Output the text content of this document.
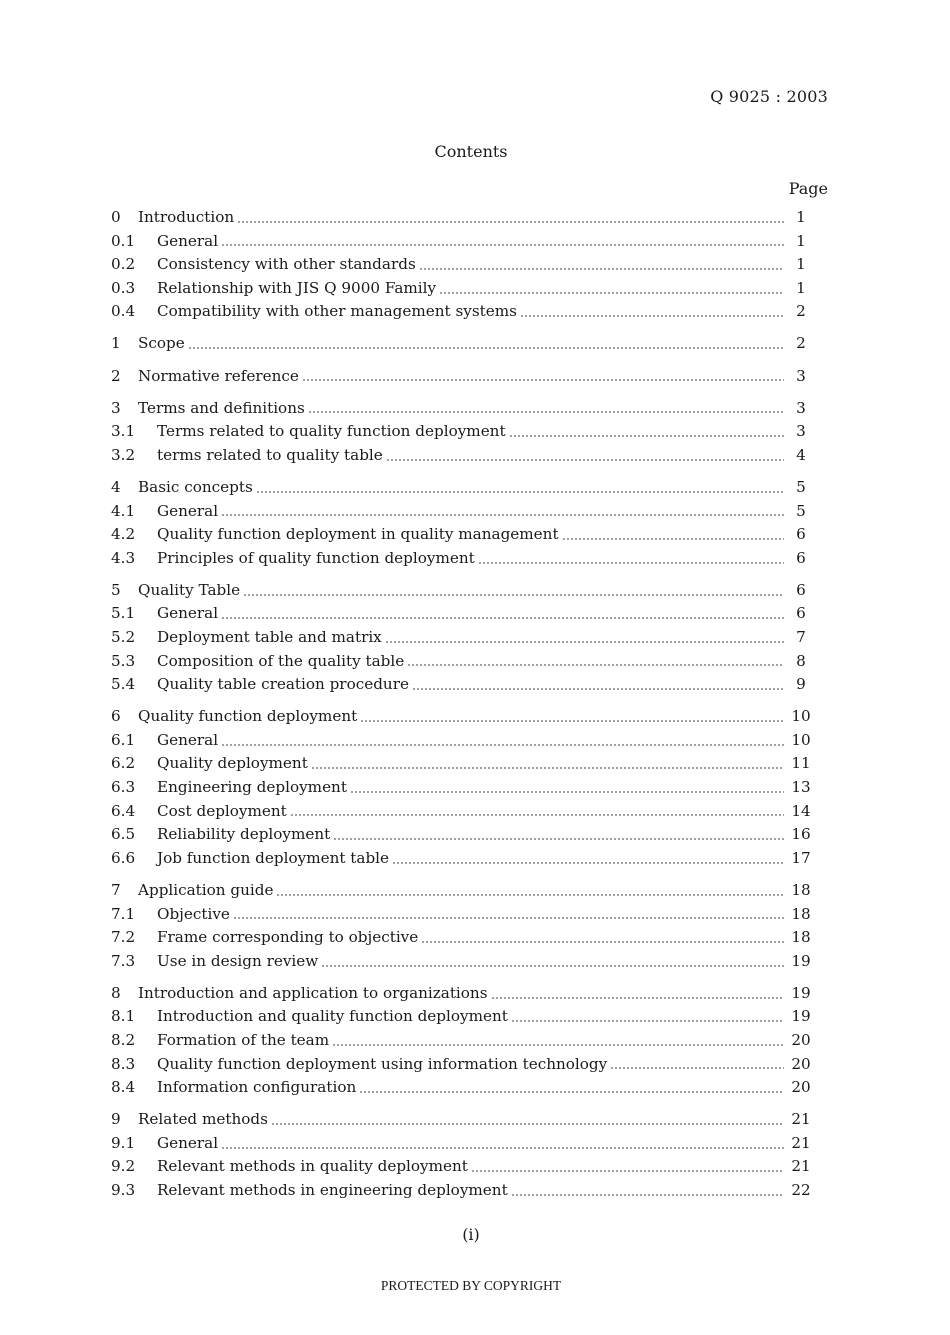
Q 9025 : 2003
Contents
Page
0	Introduction	1
0.1	General	1
0.2	Consistency with other standards	1
0.3	Relationship with JIS Q 9000 Family	1
0.4	Compatibility with other management systems	2
1	Scope	2
2	Normative reference	3
3	Terms and definitions	3
3.1	Terms related to quality function deployment	3
3.2	terms related to quality table	4
4	Basic concepts	5
4.1	General	5
4.2	Quality function deployment in quality management	6
4.3	Principles of quality function deployment	6
5	Quality Table	6
5.1	General	6
5.2	Deployment table and matrix	7
5.3	Composition of the quality table	8
5.4	Quality table creation procedure	9
6	Quality function deployment	10
6.1	General	10
6.2	Quality deployment	11
6.3	Engineering deployment	13
6.4	Cost deployment	14
6.5	Reliability deployment	16
6.6	Job function deployment table	17
7	Application guide	18
7.1	Objective	18
7.2	Frame corresponding to objective	18
7.3	Use in design review	19
8	Introduction and application to organizations	19
8.1	Introduction and quality function deployment	19
8.2	Formation of the team	20
8.3	Quality function deployment using information technology	20
8.4	Information configuration	20
9	Related methods	21
9.1	General	21
9.2	Relevant methods in quality deployment	21
9.3	Relevant methods in engineering deployment	22
(i)
PROTECTED BY COPYRIGHT
